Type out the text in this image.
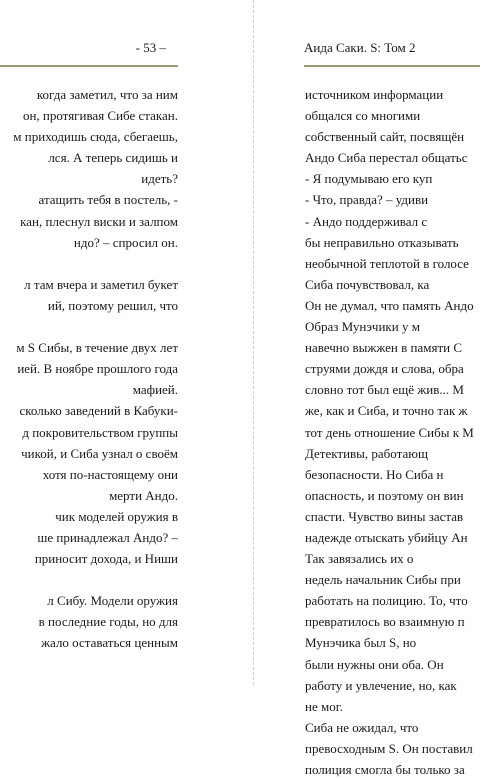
- 53 –
когда заметил, что за ним
он, протягивая Сибе стакан.
м приходишь сюда, сбегаешь,
лся. А теперь сидишь и
идеть?
атащить тебя в постель, -
кан, плеснул виски и залпом
ндо? – спросил он.
л там вчера и заметил букет
ий, поэтому решил, что
м S Сибы, в течение двух лет
ией. В ноябре прошлого года
мафией.
сколько заведений в Кабуки-
д покровительством группы
чикой, и Сиба узнал о своём
хотя по-настоящему они
мерти Андо.
чик моделей оружия в
ше принадлежал Андо? –
приносит дохода, и Ниши
л Сибу. Модели оружия
в последние годы, но для
жало оставаться ценным
Аида Саки. S: Том 2
источником информации
общался со многими
собственный сайт, посвящён
Андо Сиба перестал общатьс
- Я подумываю его куп
- Что, правда? – удиви
- Андо поддерживал с
бы неправильно отказывать
необычной теплотой в голосе
Сиба почувствовал, ка
Он не думал, что память Андо
Образ Мунэчики у м
навечно выжжен в памяти С
струями дождя и слова, обра
словно тот был ещё жив... М
же, как и Сиба, и точно так ж
тот день отношение Сибы к М
Детективы, работающ
безопасности. Но Сиба н
опасность, и поэтому он вин
спасти. Чувство вины застав
надежде отыскать убийцу Ан
Так завязались их о
недель начальник Сибы при
работать на полицию. То, что
превратилось во взаимную п
Мунэчика был S, но
были нужны они оба. Он
работу и увлечение, но, как
не мог.
Сиба не ожидал, что
превосходным S. Он поставил
полиция смогла бы только за
